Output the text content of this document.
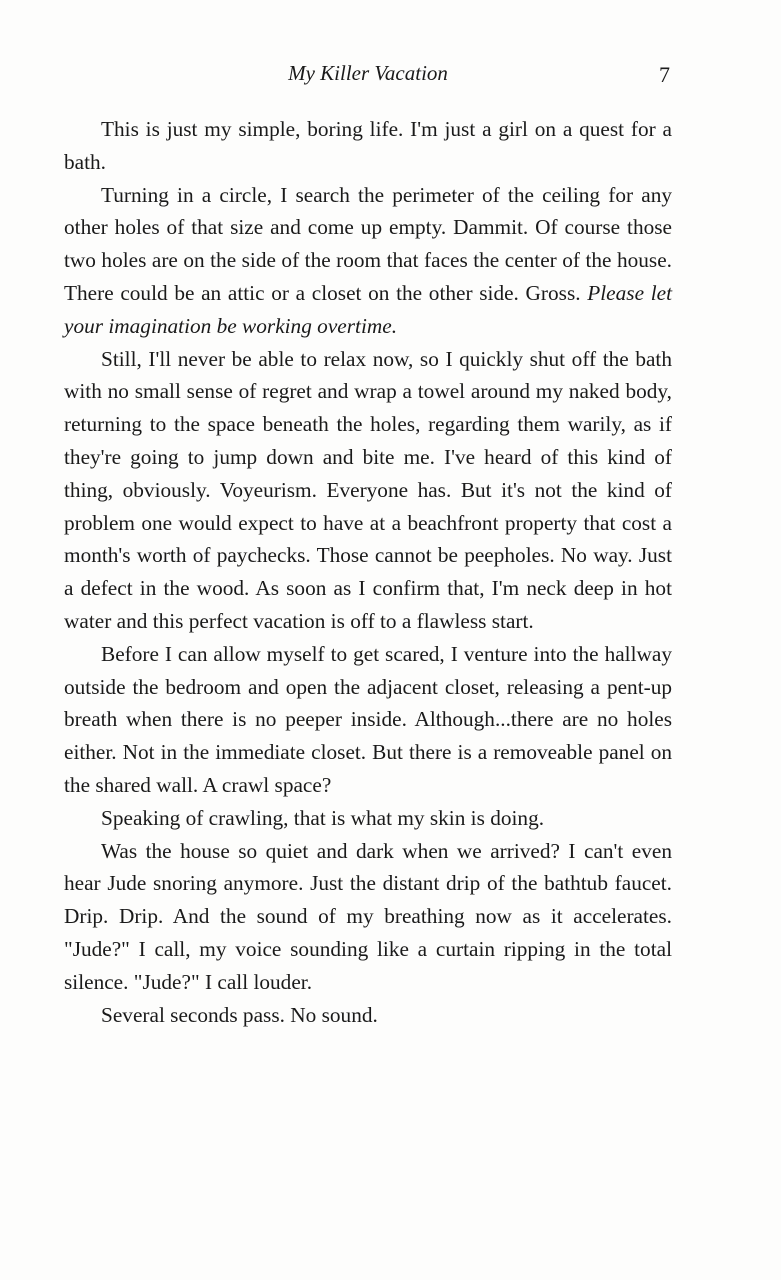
My Killer Vacation	7

This is just my simple, boring life. I'm just a girl on a quest for a bath.

Turning in a circle, I search the perimeter of the ceiling for any other holes of that size and come up empty. Dammit. Of course those two holes are on the side of the room that faces the center of the house. There could be an attic or a closet on the other side. Gross. Please let your imagination be working overtime.

Still, I'll never be able to relax now, so I quickly shut off the bath with no small sense of regret and wrap a towel around my naked body, returning to the space beneath the holes, regarding them warily, as if they're going to jump down and bite me. I've heard of this kind of thing, obviously. Voyeurism. Everyone has. But it's not the kind of problem one would expect to have at a beachfront property that cost a month's worth of paychecks. Those cannot be peepholes. No way. Just a defect in the wood. As soon as I confirm that, I'm neck deep in hot water and this perfect vacation is off to a flawless start.

Before I can allow myself to get scared, I venture into the hallway outside the bedroom and open the adjacent closet, releasing a pent-up breath when there is no peeper inside. Although...there are no holes either. Not in the immediate closet. But there is a removeable panel on the shared wall. A crawl space?

Speaking of crawling, that is what my skin is doing.

Was the house so quiet and dark when we arrived? I can't even hear Jude snoring anymore. Just the distant drip of the bathtub faucet. Drip. Drip. And the sound of my breathing now as it accelerates. "Jude?" I call, my voice sounding like a curtain ripping in the total silence. "Jude?" I call louder.

Several seconds pass. No sound.
